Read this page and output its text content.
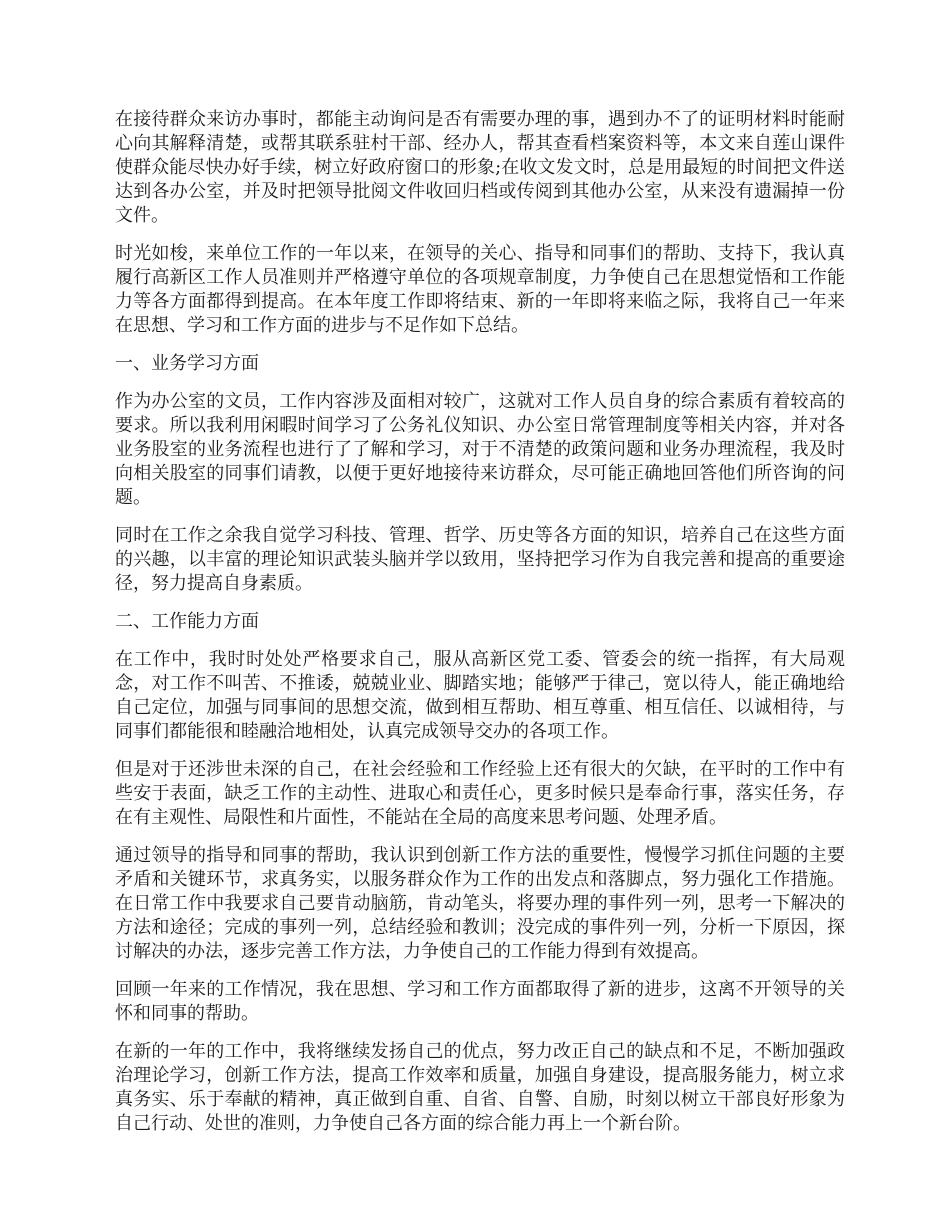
在接待群众来访办事时，都能主动询问是否有需要办理的事，遇到办不了的证明材料时能耐心向其解释清楚，或帮其联系驻村干部、经办人，帮其查看档案资料等，本文来自莲山课件使群众能尽快办好手续，树立好政府窗口的形象;在收文发文时，总是用最短的时间把文件送达到各办公室，并及时把领导批阅文件收回归档或传阅到其他办公室，从来没有遗漏掉一份文件。

时光如梭，来单位工作的一年以来，在领导的关心、指导和同事们的帮助、支持下，我认真履行高新区工作人员准则并严格遵守单位的各项规章制度，力争使自己在思想觉悟和工作能力等各方面都得到提高。在本年度工作即将结束、新的一年即将来临之际，我将自己一年来在思想、学习和工作方面的进步与不足作如下总结。

一、业务学习方面

作为办公室的文员，工作内容涉及面相对较广，这就对工作人员自身的综合素质有着较高的要求。所以我利用闲暇时间学习了公务礼仪知识、办公室日常管理制度等相关内容，并对各业务股室的业务流程也进行了了解和学习，对于不清楚的政策问题和业务办理流程，我及时向相关股室的同事们请教，以便于更好地接待来访群众，尽可能正确地回答他们所咨询的问题。

同时在工作之余我自觉学习科技、管理、哲学、历史等各方面的知识，培养自己在这些方面的兴趣，以丰富的理论知识武装头脑并学以致用，坚持把学习作为自我完善和提高的重要途径，努力提高自身素质。

二、工作能力方面

在工作中，我时时处处严格要求自己，服从高新区党工委、管委会的统一指挥，有大局观念，对工作不叫苦、不推诿，兢兢业业、脚踏实地；能够严于律己，宽以待人，能正确地给自己定位，加强与同事间的思想交流，做到相互帮助、相互尊重、相互信任、以诚相待，与同事们都能很和睦融洽地相处，认真完成领导交办的各项工作。

但是对于还涉世未深的自己，在社会经验和工作经验上还有很大的欠缺，在平时的工作中有些安于表面，缺乏工作的主动性、进取心和责任心，更多时候只是奉命行事，落实任务，存在有主观性、局限性和片面性，不能站在全局的高度来思考问题、处理矛盾。

通过领导的指导和同事的帮助，我认识到创新工作方法的重要性，慢慢学习抓住问题的主要矛盾和关键环节，求真务实，以服务群众作为工作的出发点和落脚点，努力强化工作措施。在日常工作中我要求自己要肯动脑筋，肯动笔头，将要办理的事件列一列，思考一下解决的方法和途径；完成的事列一列，总结经验和教训；没完成的事件列一列，分析一下原因，探讨解决的办法，逐步完善工作方法，力争使自己的工作能力得到有效提高。

回顾一年来的工作情况，我在思想、学习和工作方面都取得了新的进步，这离不开领导的关怀和同事的帮助。

在新的一年的工作中，我将继续发扬自己的优点，努力改正自己的缺点和不足，不断加强政治理论学习，创新工作方法，提高工作效率和质量，加强自身建设，提高服务能力，树立求真务实、乐于奉献的精神，真正做到自重、自省、自警、自励，时刻以树立干部良好形象为自己行动、处世的准则，力争使自己各方面的综合能力再上一个新台阶。
